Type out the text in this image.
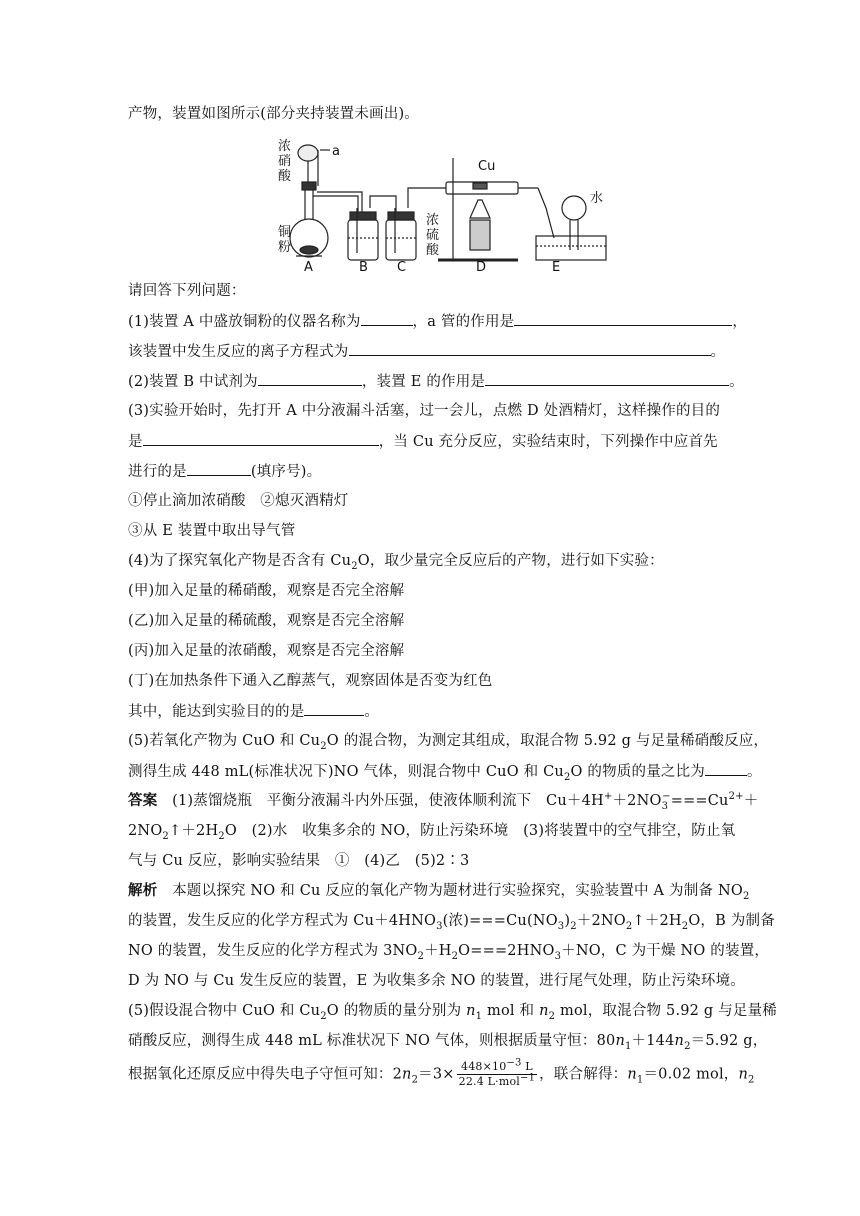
产物，装置如图所示(部分夹持装置未画出)。
浓
硝
酸
a
铜
粉
浓
硫
酸
Cu
水
A	B C	D	E
请回答下列问题：
(1)装置 A 中盛放铜粉的仪器名称为	，a 管的作用是	，
该装置中发生反应的离子方程式为	。
(2)装置 B 中试剂为	，装置 E 的作用是	。
(3)实验开始时，先打开 A 中分液漏斗活塞，过一会儿，点燃 D 处酒精灯，这样操作的目的
是	，当 Cu 充分反应，实验结束时，下列操作中应首先
进行的是	(填序号)。
①停止滴加浓硝酸　②熄灭酒精灯
③从 E 装置中取出导气管
(4)为了探究氧化产物是否含有 $Cu_2O$，取少量完全反应后的产物，进行如下实验：
(甲)加入足量的稀硝酸，观察是否完全溶解
(乙)加入足量的稀硫酸，观察是否完全溶解
(丙)加入足量的浓硝酸，观察是否完全溶解
(丁)在加热条件下通入乙醇蒸气，观察固体是否变为红色
其中，能达到实验目的的是	。
(5)若氧化产物为 CuO 和 $Cu_2O$ 的混合物，为测定其组成，取混合物 5.92 g 与足量稀硝酸反应，
测得生成 448 mL(标准状况下)NO 气体，则混合物中 CuO 和 $Cu_2O$ 的物质的量之比为	。
答案　 (1)蒸馏烧瓶　平衡分液漏斗内外压强，使液体顺利流下　$Cu+4H^++2NO_3^-===Cu^{2+}+$
$2NO_2↑+2H_2O$　(2)水　收集多余的 NO，防止污染环境　(3)将装置中的空气排空，防止氧
气与 Cu 反应，影响实验结果　①　(4)乙　(5)2∶3
解析　 本题以探究 NO 和 Cu 反应的氧化产物为题材进行实验探究，实验装置中 A 为制备 $NO_2$
的装置，发生反应的化学方程式为 $Cu+4HNO_3$(浓)$===Cu(NO_3)_2+2NO_2↑+2H_2O$，B 为制备
NO 的装置，发生反应的化学方程式为 $3NO_2+H_2O===2HNO_3+NO$，C 为干燥 NO 的装置，
D 为 NO 与 Cu 发生反应的装置，E 为收集多余 NO 的装置，进行尾气处理，防止污染环境。
(5)假设混合物中 CuO 和 $Cu_2O$ 的物质的量分别为 $n_1$ mol 和 $n_2$ mol，取混合物 5.92 g 与足量稀
硝酸反应，测得生成 448 mL 标准状况下 NO 气体，则根据质量守恒：$80n_1+144n_2=5.92$ g，
根据氧化还原反应中得失电子守恒可知：$2n_2=3\times \frac{448\times 10^{-3} L}{22.4 L\cdot mol^{-1}}$ ，联合解得：$n_1=0.02$ mol，$n_2$
